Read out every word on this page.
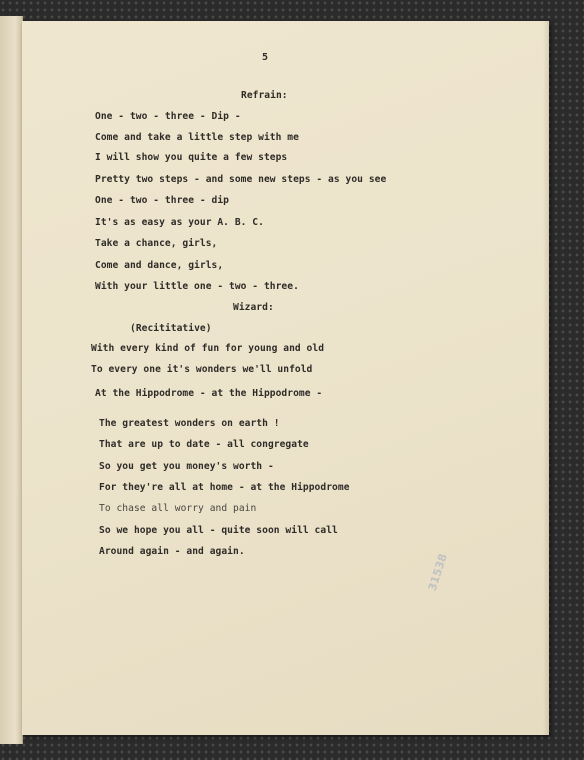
5
Refrain:
One - two - three - Dip -
Come and take a little step with me
I will show you quite a few steps
Pretty two steps - and some new steps - as you see
One - two - three - dip
It's as easy as your A. B. C.
Take a chance, girls,
Come and dance, girls,
With your little one - two - three.
Wizard:
(Recititative)
With every kind of fun for young and old
To every one it's wonders we'll unfold
At the Hippodrome - at the Hippodrome -
The greatest wonders on earth !
That are up to date - all congregate
So you get you money's worth -
For they're all at home - at the Hippodrome
To chase all worry and pain
So we hope you all - quite soon will call
Around again - and again.
31538
